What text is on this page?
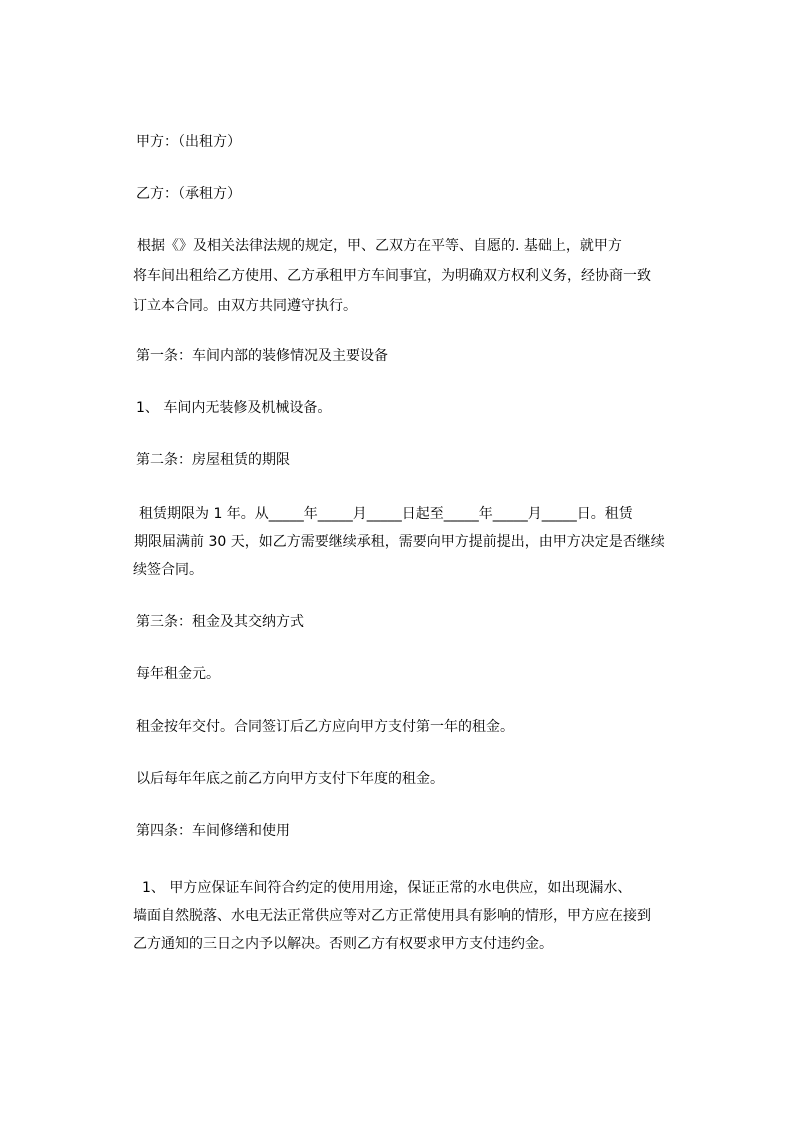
甲方：（出租方）
乙方：（承租方）
根据《》及相关法律法规的规定，甲、乙双方在平等、自愿的. 基础上，就甲方
将车间出租给乙方使用、乙方承租甲方车间事宜，为明确双方权利义务，经协商一致
订立本合同。由双方共同遵守执行。
第一条：车间内部的装修情况及主要设备
1、 车间内无装修及机械设备。
第二条：房屋租赁的期限
租赁期限为 1 年。从_____年_____月_____日起至_____年_____月_____日。租赁
期限届满前 30 天，如乙方需要继续承租，需要向甲方提前提出，由甲方决定是否继续
续签合同。
第三条：租金及其交纳方式
每年租金元。
租金按年交付。合同签订后乙方应向甲方支付第一年的租金。
以后每年年底之前乙方向甲方支付下年度的租金。
第四条：车间修缮和使用
1、 甲方应保证车间符合约定的使用用途，保证正常的水电供应，如出现漏水、
墙面自然脱落、水电无法正常供应等对乙方正常使用具有影响的情形，甲方应在接到
乙方通知的三日之内予以解决。否则乙方有权要求甲方支付违约金。
